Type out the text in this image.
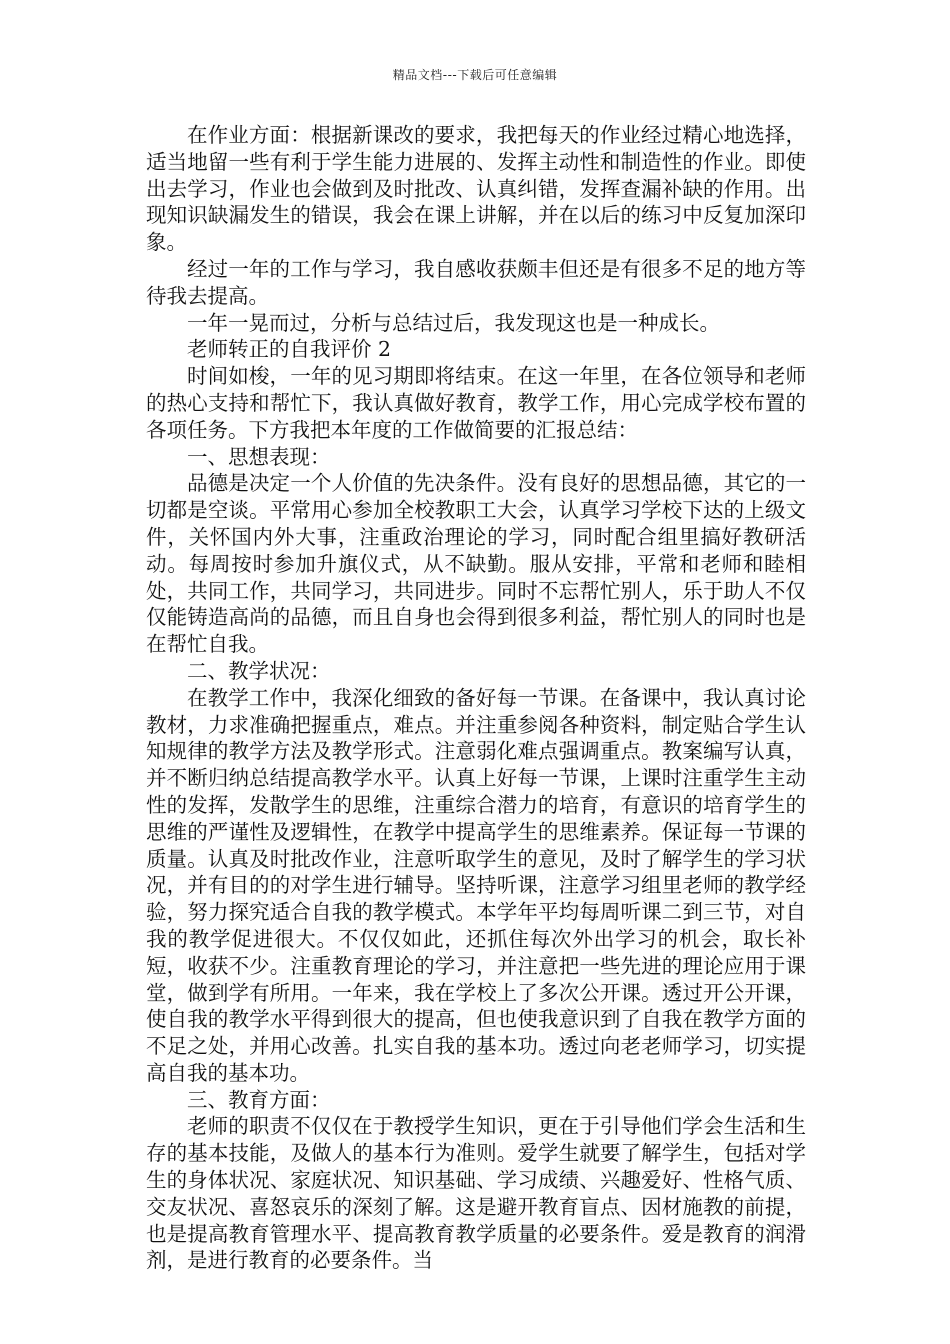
精品文档---下载后可任意编辑

在作业方面：根据新课改的要求，我把每天的作业经过精心地选择，适当地留一些有利于学生能力进展的、发挥主动性和制造性的作业。即使出去学习，作业也会做到及时批改、认真纠错，发挥查漏补缺的作用。出现知识缺漏发生的错误，我会在课上讲解，并在以后的练习中反复加深印象。

经过一年的工作与学习，我自感收获颇丰但还是有很多不足的地方等待我去提高。

一年一晃而过，分析与总结过后，我发现这也是一种成长。

老师转正的自我评价 2

时间如梭，一年的见习期即将结束。在这一年里，在各位领导和老师的热心支持和帮忙下，我认真做好教育，教学工作，用心完成学校布置的各项任务。下方我把本年度的工作做简要的汇报总结：

一、思想表现：

品德是决定一个人价值的先决条件。没有良好的思想品德，其它的一切都是空谈。平常用心参加全校教职工大会，认真学习学校下达的上级文件，关怀国内外大事，注重政治理论的学习，同时配合组里搞好教研活动。每周按时参加升旗仪式，从不缺勤。服从安排，平常和老师和睦相处，共同工作，共同学习，共同进步。同时不忘帮忙别人，乐于助人不仅仅能铸造高尚的品德，而且自身也会得到很多利益，帮忙别人的同时也是在帮忙自我。

二、教学状况：

在教学工作中，我深化细致的备好每一节课。在备课中，我认真讨论教材，力求准确把握重点，难点。并注重参阅各种资料，制定贴合学生认知规律的教学方法及教学形式。注意弱化难点强调重点。教案编写认真，并不断归纳总结提高教学水平。认真上好每一节课，上课时注重学生主动性的发挥，发散学生的思维，注重综合潜力的培育，有意识的培育学生的思维的严谨性及逻辑性，在教学中提高学生的思维素养。保证每一节课的质量。认真及时批改作业，注意听取学生的意见，及时了解学生的学习状况，并有目的的对学生进行辅导。坚持听课，注意学习组里老师的教学经验，努力探究适合自我的教学模式。本学年平均每周听课二到三节，对自我的教学促进很大。不仅仅如此，还抓住每次外出学习的机会，取长补短，收获不少。注重教育理论的学习，并注意把一些先进的理论应用于课堂，做到学有所用。一年来，我在学校上了多次公开课。透过开公开课，使自我的教学水平得到很大的提高，但也使我意识到了自我在教学方面的不足之处，并用心改善。扎实自我的基本功。透过向老老师学习，切实提高自我的基本功。

三、教育方面：

老师的职责不仅仅在于教授学生知识，更在于引导他们学会生活和生存的基本技能，及做人的基本行为准则。爱学生就要了解学生，包括对学生的身体状况、家庭状况、知识基础、学习成绩、兴趣爱好、性格气质、交友状况、喜怒哀乐的深刻了解。这是避开教育盲点、因材施教的前提，也是提高教育管理水平、提高教育教学质量的必要条件。爱是教育的润滑剂，是进行教育的必要条件。当
